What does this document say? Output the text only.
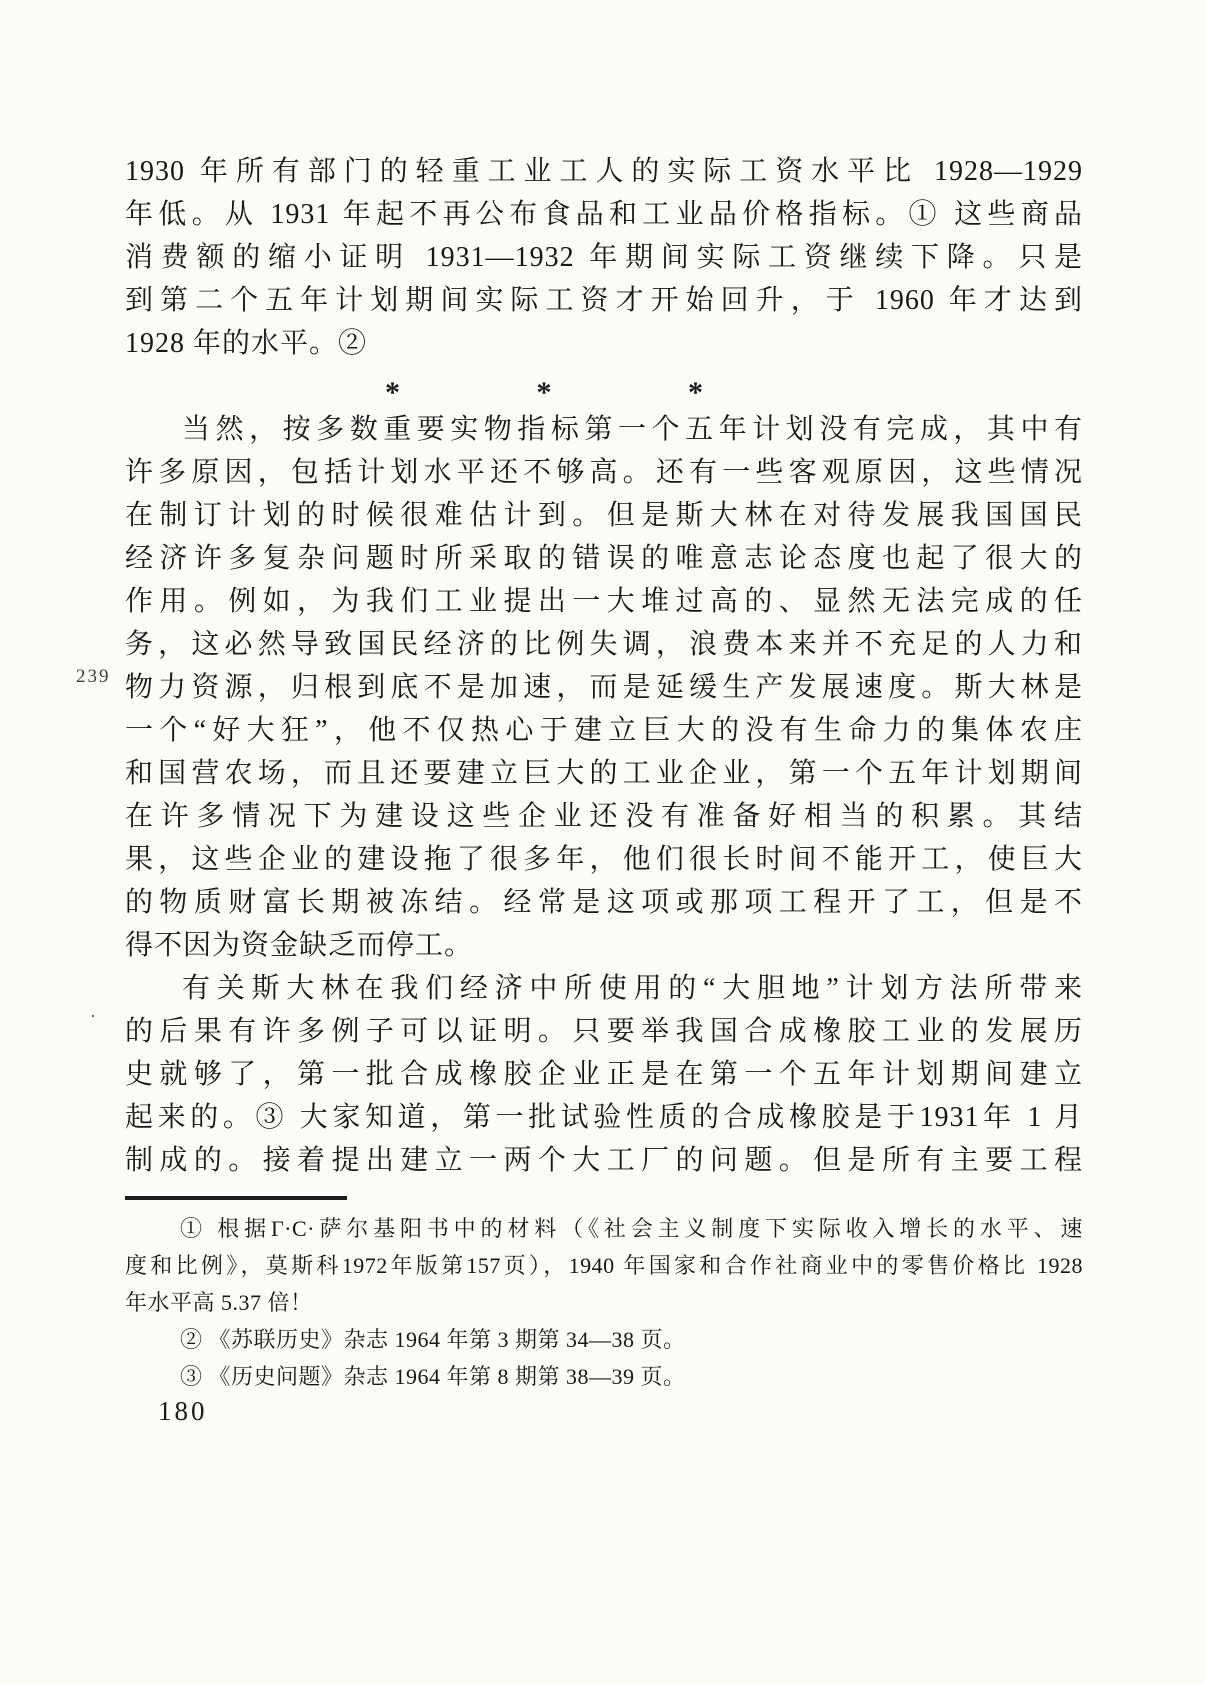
239
·
1930 年所有部门的轻重工业工人的实际工资水平比 1928—1929
年低。从 1931 年起不再公布食品和工业品价格指标。① 这些商品
消费额的缩小证明 1931—1932 年期间实际工资继续下降。只是
到第二个五年计划期间实际工资才开始回升，于 1960 年才达到
1928 年的水平。②
*	*	*
当然，按多数重要实物指标第一个五年计划没有完成，其中有
许多原因，包括计划水平还不够高。还有一些客观原因，这些情况
在制订计划的时候很难估计到。但是斯大林在对待发展我国国民
经济许多复杂问题时所采取的错误的唯意志论态度也起了很大的
作用。例如，为我们工业提出一大堆过高的、显然无法完成的任
务，这必然导致国民经济的比例失调，浪费本来并不充足的人力和
物力资源，归根到底不是加速，而是延缓生产发展速度。斯大林是
一个“好大狂”，他不仅热心于建立巨大的没有生命力的集体农庄
和国营农场，而且还要建立巨大的工业企业，第一个五年计划期间
在许多情况下为建设这些企业还没有准备好相当的积累。其结
果，这些企业的建设拖了很多年，他们很长时间不能开工，使巨大
的物质财富长期被冻结。经常是这项或那项工程开了工，但是不
得不因为资金缺乏而停工。
有关斯大林在我们经济中所使用的“大胆地”计划方法所带来
的后果有许多例子可以证明。只要举我国合成橡胶工业的发展历
史就够了，第一批合成橡胶企业正是在第一个五年计划期间建立
起来的。③ 大家知道，第一批试验性质的合成橡胶是于1931年 1 月
制成的。接着提出建立一两个大工厂的问题。但是所有主要工程
① 根据Г·С·萨尔基阳书中的材料（《社会主义制度下实际收入增长的水平、速
度和比例》，莫斯科1972年版第157页），1940 年国家和合作社商业中的零售价格比 1928
年水平高 5.37 倍！
② 《苏联历史》杂志 1964 年第 3 期第 34—38 页。
③ 《历史问题》杂志 1964 年第 8 期第 38—39 页。
180
